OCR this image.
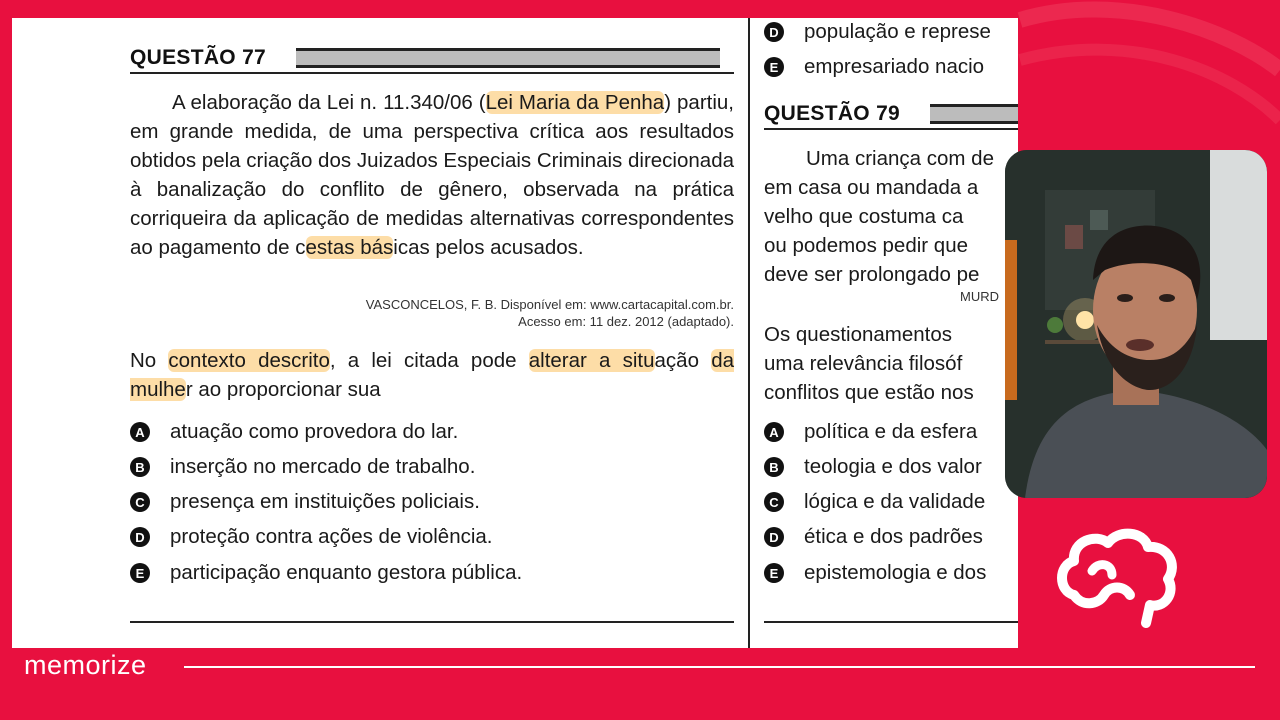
QUESTÃO 77

A elaboração da Lei n. 11.340/06 (Lei Maria da Penha) partiu, em grande medida, de uma perspectiva crítica aos resultados obtidos pela criação dos Juizados Especiais Criminais direcionada à banalização do conflito de gênero, observada na prática corriqueira da aplicação de medidas alternativas correspondentes ao pagamento de cestas básicas pelos acusados.

VASCONCELOS, F. B. Disponível em: www.cartacapital.com.br.
Acesso em: 11 dez. 2012 (adaptado).
No contexto descrito, a lei citada pode alterar a situação da mulher ao proporcionar sua
A atuação como provedora do lar.
B inserção no mercado de trabalho.
C presença em instituições policiais.
D proteção contra ações de violência.
E participação enquanto gestora pública.
D população e represe
E empresariado nacio
QUESTÃO 79
Uma criança com de
em casa ou mandada a
velho que costuma ca
ou podemos pedir que
deve ser prolongado pe
MURD
Os questionamentos
uma relevância filosóf
conflitos que estão nos
A política e da esfera
B teologia e dos valor
C lógica e da validade
D ética e dos padrões
E epistemologia e dos
memorize
